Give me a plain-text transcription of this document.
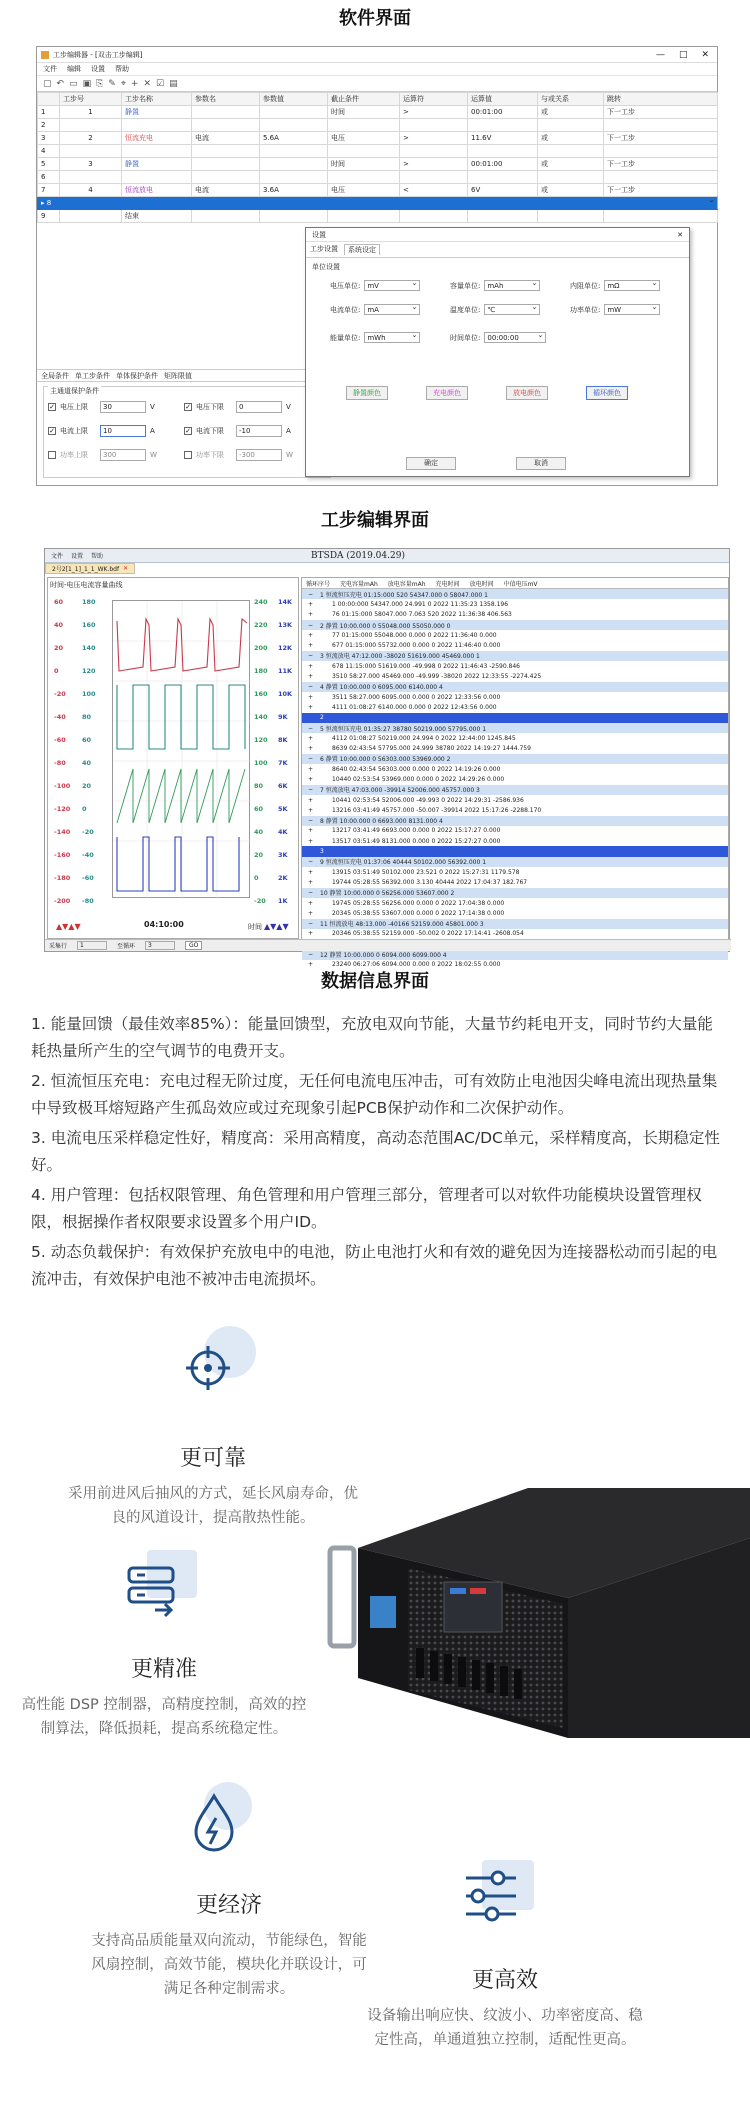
软件界面
工步编辑器 - [双击工步编辑]	— □ ✕
文件 编辑 设置 帮助
▢ ↶ ▭ ▣ ⎘ ✎ ⌖ + ✕ ☑ ▤
	工步号	工步名称	参数名	参数值	截止条件	运算符	运算值	与或关系	跳转
1	1	静置			时间	>	00:01:00	或	下一工步
2									
3	2	恒流充电	电流	5.6A	电压	>	11.6V	或	下一工步
4									
5	3	静置			时间	>	00:01:00	或	下一工步
6									
7	4	恒流放电	电流	3.6A	电压	<	6V	或	下一工步
▸ 8										⌄
9		结束							
全局条件 单工步条件 单体保护条件 矩阵限值
主通道保护条件
✓ 电压上限	30	V	✓ 电压下限	0	V
✓ 电流上限	10	A	✓ 电流下限	-10	A
功率上限	300	W	功率下限	-300	W
设置	✕
工步设置	系统设定
单位设置
电压单位:	mV ⌄	容量单位:	mAh ⌄	内阻单位:	mΩ ⌄
电流单位:	mA ⌄	温度单位:	℃ ⌄	功率单位:	mW ⌄
能量单位:	mWh ⌄	时间单位:	00:00:00 ⌄
静置颜色	充电颜色	放电颜色	循环颜色
确定	取消
工步编辑界面
文件 设置 帮助	BTSDA (2019.04.29)
2号2[1_1]_1_1_WK.bdf ✕
时间-电压电流容量曲线
60
40
20
0
-20
-40
-60
-80
-100
-120
-140
-160
-180
-200
180
160
140
120
100
80
60
40
20
0
-20
-40
-60
-80
240
220
200
180
160
140
120
100
80
60
40
20
0
-20
14K
13K
12K
11K
10K
9K
8K
7K
6K
5K
4K
3K
2K
1K
04:10:00	时间
▲▼▲▼	▲▼▲▼
循环序号 充电容量mAh 放电容量mAh 充电时间 放电时间 中值电压mV
−	1 恒流恒压充电 01:15:000 520 54347.000 0 58047.000 1
+	1 00:00:000 54347.000 24.991 0 2022 11:35:23 1358.196
+	76 01:15:000 58047.000 7.063 520 2022 11:36:38 406.563
−	2 静置 10:00.000 0 55048.000 55050.000 0
+	77 01:15:000 55048.000 0.000 0 2022 11:36:40 0.000
+	677 01:15:000 55732.000 0.000 0 2022 11:46:40 0.000
−	3 恒流放电 47:12.000 -38020 51619.000 45469.000 1
+	678 11:15:000 51619.000 -49.998 0 2022 11:46:43 -2590.846
+	3510 58:27.000 45469.000 -49.999 -38020 2022 12:33:55 -2274.425
−	4 静置 10:00.000 0 6095.000 6140.000 4
+	3511 58:27.000 6095.000 0.000 0 2022 12:33:56 0.000
+	4111 01:08:27 6140.000 0.000 0 2022 12:43:56 0.000
2
−	5 恒流恒压充电 01:35:27 38780 50219.000 57795.000 1
+	4112 01:08:27 50219.000 24.994 0 2022 12:44:00 1245.845
+	8639 02:43:54 57795.000 24.999 38780 2022 14:19:27 1444.759
−	6 静置 10:00.000 0 56303.000 53969.000 2
+	8640 02:43:54 56303.000 0.000 0 2022 14:19:26 0.000
+	10440 02:53:54 53969.000 0.000 0 2022 14:29:26 0.000
−	7 恒流放电 47:03.000 -39914 52006.000 45757.000 3
+	10441 02:53:54 52006.000 -49.993 0 2022 14:29:31 -2586.936
+	13216 03:41:49 45757.000 -50.007 -39914 2022 15:17:26 -2288.170
−	8 静置 10:00.000 0 6693.000 8131.000 4
+	13217 03:41:49 6693.000 0.000 0 2022 15:17:27 0.000
+	13517 03:51:49 8131.000 0.000 0 2022 15:27:27 0.000
3
−	9 恒流恒压充电 01:37:06 40444 50102.000 56392.000 1
+	13915 03:51:49 50102.000 23.521 0 2022 15:27:31 1179.578
+	19744 05:28:55 56392.000 3.130 40444 2022 17:04:37 182.767
−	10 静置 10:00.000 0 56256.000 53607.000 2
+	19745 05:28:55 56256.000 0.000 0 2022 17:04:38 0.000
+	20345 05:38:55 53607.000 0.000 0 2022 17:14:38 0.000
−	11 恒流放电 48:13.000 -40166 52159.000 45801.000 3
+	20346 05:38:55 52159.000 -50.002 0 2022 17:14:41 -2608.054
−	12 静置 10:00.000 0 6094.000 6099.000 4
+	23240 06:27:06 6094.000 0.000 0 2022 18:02:55 0.000
采集行	1	至循环	3	GO
数据信息界面
1. 能量回馈（最佳效率85%）：能量回馈型，充放电双向节能，大量节约耗电开支，同时节约大量能耗热量所产生的空气调节的电费开支。
2. 恒流恒压充电：充电过程无阶过度，无任何电流电压冲击，可有效防止电池因尖峰电流出现热量集中导致极耳熔短路产生孤岛效应或过充现象引起PCB保护动作和二次保护动作。
3. 电流电压采样稳定性好，精度高：采用高精度，高动态范围AC/DC单元，采样精度高，长期稳定性好。
4. 用户管理：包括权限管理、角色管理和用户管理三部分，管理者可以对软件功能模块设置管理权限，根据操作者权限要求设置多个用户ID。
5. 动态负载保护：有效保护充放电中的电池，防止电池打火和有效的避免因为连接器松动而引起的电流冲击，有效保护电池不被冲击电流损坏。
更可靠
采用前进风后抽风的方式，延长风扇寿命，优良的风道设计，提高散热性能。
更精准
高性能 DSP 控制器，高精度控制，高效的控制算法，降低损耗，提高系统稳定性。
更经济
支持高品质能量双向流动，节能绿色，智能风扇控制，高效节能，模块化并联设计，可满足各种定制需求。	更高效
设备输出响应快、纹波小、功率密度高、稳定性高，单通道独立控制，适配性更高。
